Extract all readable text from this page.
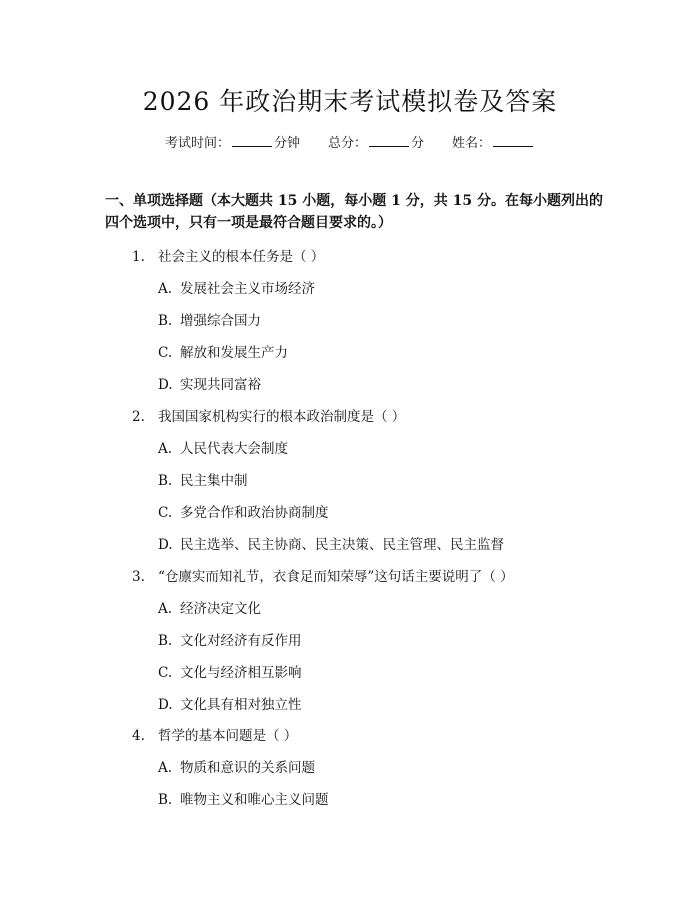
2026 年政治期末考试模拟卷及答案
考试时间：	分钟 总分：	分 姓名：
一、单项选择题（本大题共 15 小题，每小题 1 分，共 15 分。在每小题列出的四个选项中，只有一项是最符合题目要求的。）
1. 社会主义的根本任务是（ ）
A. 发展社会主义市场经济
B. 增强综合国力
C. 解放和发展生产力
D. 实现共同富裕
2. 我国国家机构实行的根本政治制度是（ ）
A. 人民代表大会制度
B. 民主集中制
C. 多党合作和政治协商制度
D. 民主选举、民主协商、民主决策、民主管理、民主监督
3. “仓廪实而知礼节，衣食足而知荣辱”这句话主要说明了（ ）
A. 经济决定文化
B. 文化对经济有反作用
C. 文化与经济相互影响
D. 文化具有相对独立性
4. 哲学的基本问题是（ ）
A. 物质和意识的关系问题
B. 唯物主义和唯心主义问题
